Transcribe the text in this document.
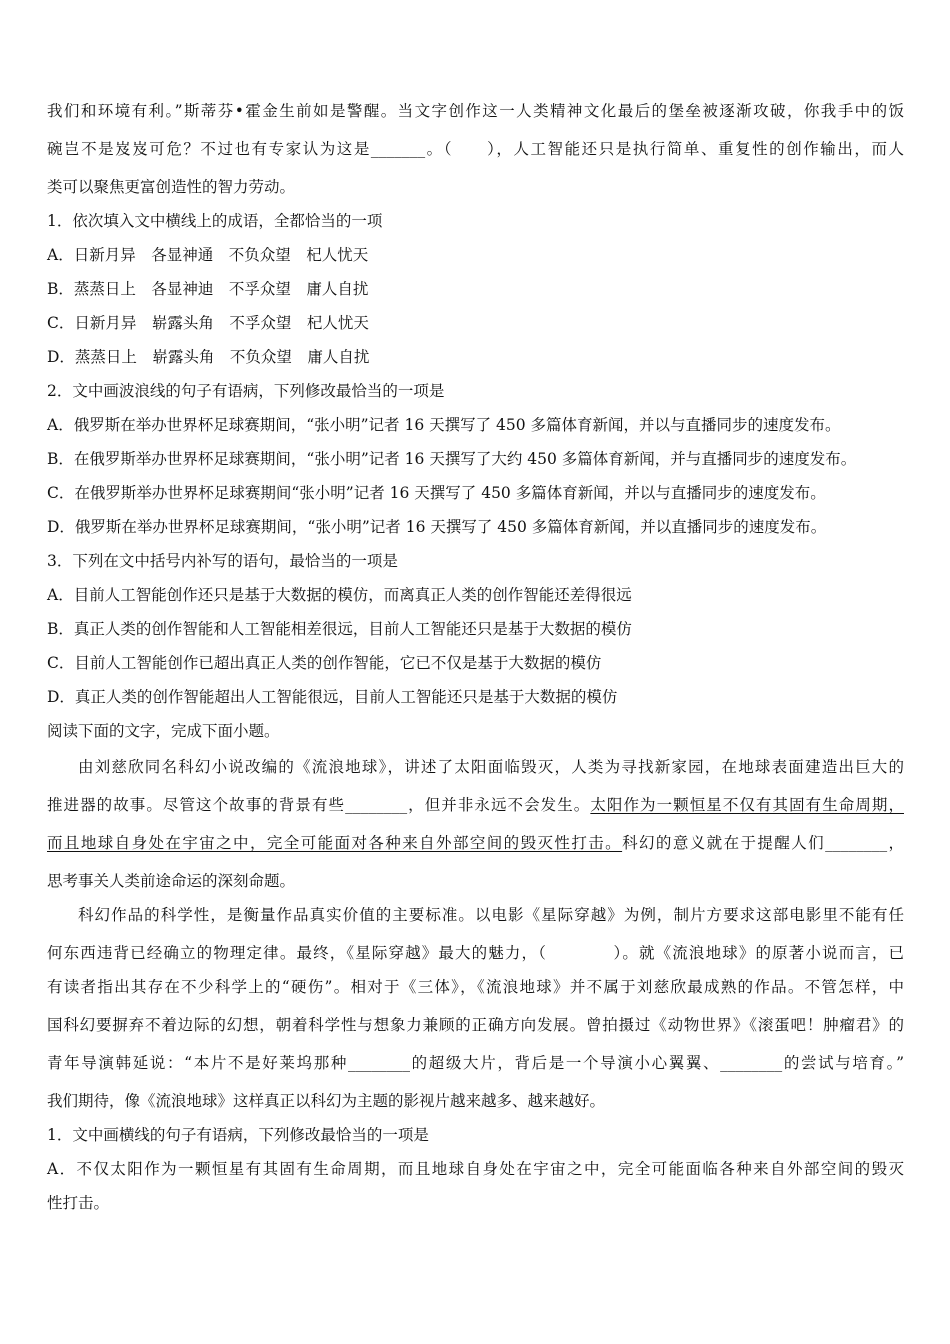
我们和环境有利。”斯蒂芬•霍金生前如是警醒。当文字创作这一人类精神文化最后的堡垒被逐渐攻破，你我手中的饭
碗岂不是岌岌可危？不过也有专家认为这是_______。（　　），人工智能还只是执行简单、重复性的创作输出，而人
类可以聚焦更富创造性的智力劳动。
1．依次填入文中横线上的成语，全都恰当的一项
A．日新月异　各显神通　不负众望　杞人忧天
B．蒸蒸日上　各显神迪　不孚众望　庸人自扰
C．日新月异　崭露头角　不孚众望　杞人忧天
D．蒸蒸日上　崭露头角　不负众望　庸人自扰
2．文中画波浪线的句子有语病，下列修改最恰当的一项是
A．俄罗斯在举办世界杯足球赛期间，“张小明”记者 16 天撰写了 450 多篇体育新闻，并以与直播同步的速度发布。
B．在俄罗斯举办世界杯足球赛期间，“张小明”记者 16 天撰写了大约 450 多篇体育新闻，并与直播同步的速度发布。
C．在俄罗斯举办世界杯足球赛期间“张小明”记者 16 天撰写了 450 多篇体育新闻，并以与直播同步的速度发布。
D．俄罗斯在举办世界杯足球赛期间，“张小明”记者 16 天撰写了 450 多篇体育新闻，并以直播同步的速度发布。
3．下列在文中括号内补写的语句，最恰当的一项是
A．目前人工智能创作还只是基于大数据的模仿，而离真正人类的创作智能还差得很远
B．真正人类的创作智能和人工智能相差很远，目前人工智能还只是基于大数据的模仿
C．目前人工智能创作已超出真正人类的创作智能，它已不仅是基于大数据的模仿
D．真正人类的创作智能超出人工智能很远，目前人工智能还只是基于大数据的模仿
阅读下面的文字，完成下面小题。
由刘慈欣同名科幻小说改编的《流浪地球》，讲述了太阳面临毁灭，人类为寻找新家园，在地球表面建造出巨大的
推进器的故事。尽管这个故事的背景有些________，但并非永远不会发生。太阳作为一颗恒星不仅有其固有生命周期，
而且地球自身处在宇宙之中，完全可能面对各种来自外部空间的毁灭性打击。科幻的意义就在于提醒人们________，
思考事关人类前途命运的深刻命题。
科幻作品的科学性，是衡量作品真实价值的主要标准。以电影《星际穿越》为例，制片方要求这部电影里不能有任
何东西违背已经确立的物理定律。最终，《星际穿越》最大的魅力，（　　　　）。就《流浪地球》的原著小说而言，已
有读者指出其存在不少科学上的“硬伤”。相对于《三体》，《流浪地球》并不属于刘慈欣最成熟的作品。不管怎样，中
国科幻要摒弃不着边际的幻想，朝着科学性与想象力兼顾的正确方向发展。曾拍摄过《动物世界》《滚蛋吧！肿瘤君》的
青年导演韩延说：“本片不是好莱坞那种________的超级大片，背后是一个导演小心翼翼、________的尝试与培育。”
我们期待，像《流浪地球》这样真正以科幻为主题的影视片越来越多、越来越好。
1．文中画横线的句子有语病，下列修改最恰当的一项是
A．不仅太阳作为一颗恒星有其固有生命周期，而且地球自身处在宇宙之中，完全可能面临各种来自外部空间的毁灭
性打击。
